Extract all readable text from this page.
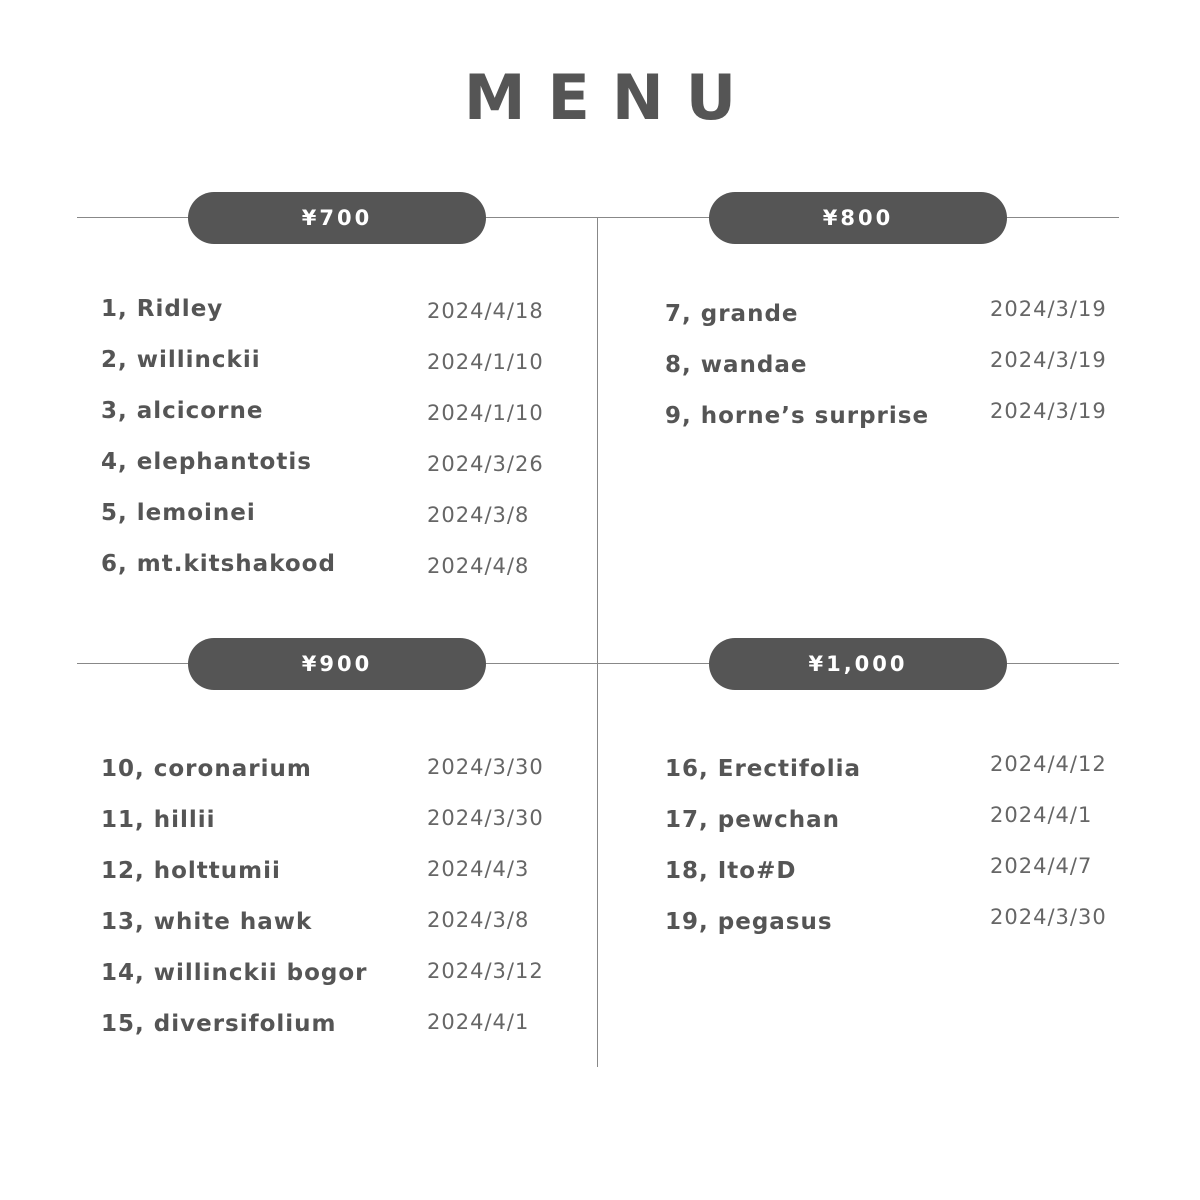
MENU
¥700	¥800
¥900	¥1,000
1, Ridley	2024/4/18
2, willinckii	2024/1/10
3, alcicorne	2024/1/10
4, elephantotis	2024/3/26
5, lemoinei	2024/3/8
6, mt.kitshakood	2024/4/8
7, grande	2024/3/19
8, wandae	2024/3/19
9, horne’s surprise	2024/3/19
10, coronarium	2024/3/30
11, hillii	2024/3/30
12, holttumii	2024/4/3
13, white hawk	2024/3/8
14, willinckii bogor	2024/3/12
15, diversifolium	2024/4/1
16, Erectifolia	2024/4/12
17, pewchan	2024/4/1
18, Ito#D	2024/4/7
19, pegasus	2024/3/30
